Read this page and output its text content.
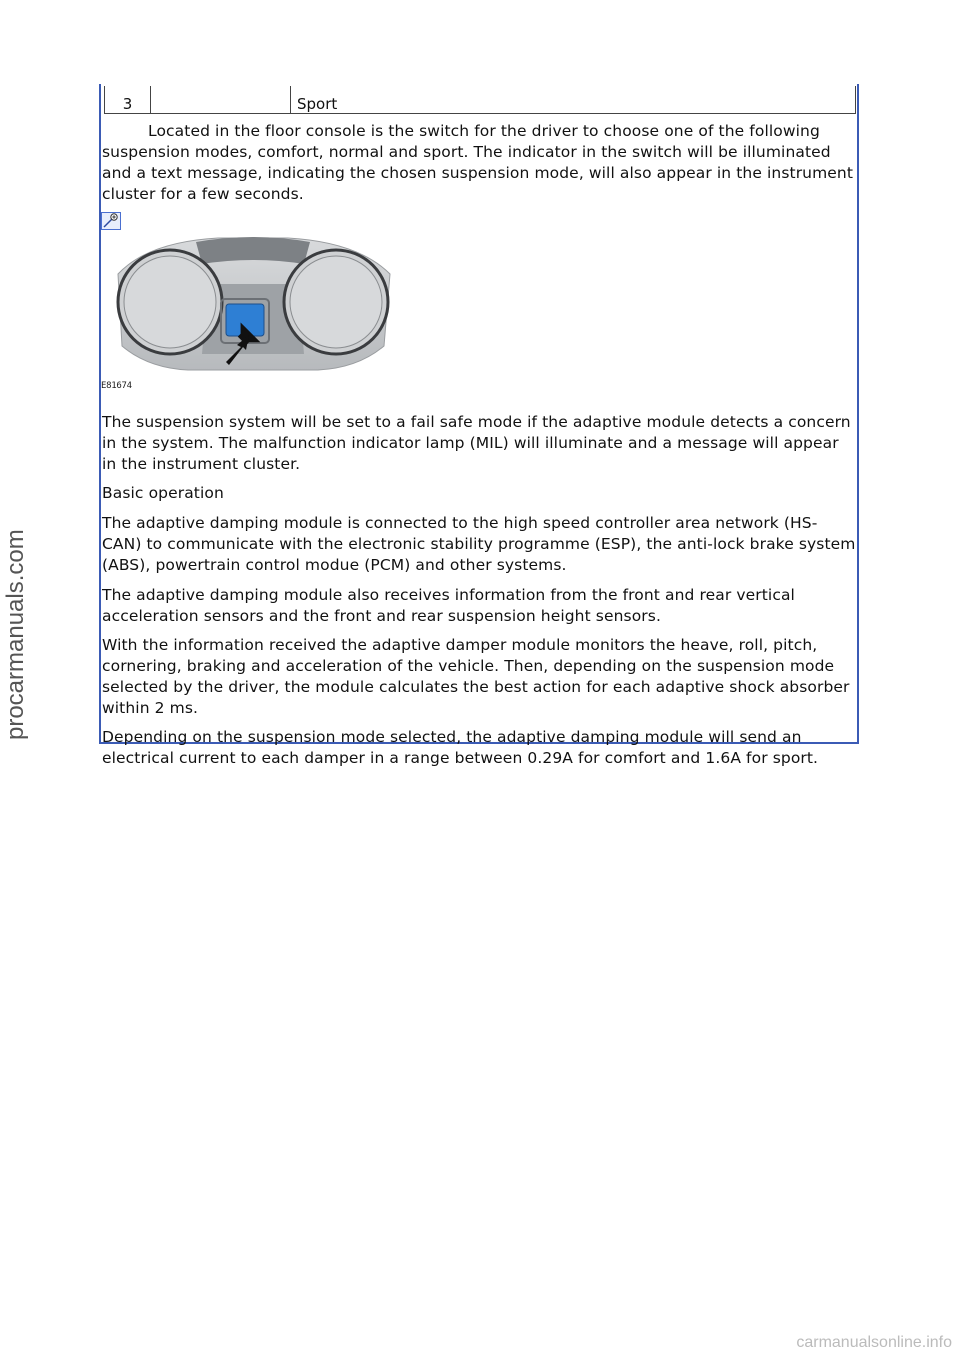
3	Sport

Located in the floor console is the switch for the driver to choose one of the following suspension modes, comfort, normal and sport. The indicator in the switch will be illuminated and a text message, indicating the chosen suspension mode, will also appear in the instrument cluster for a few seconds.

E81674

The suspension system will be set to a fail safe mode if the adaptive module detects a concern in the system. The malfunction indicator lamp (MIL) will illuminate and a message will appear in the instrument cluster.

Basic operation

The adaptive damping module is connected to the high speed controller area network (HS-CAN) to communicate with the electronic stability programme (ESP), the anti-lock brake system (ABS), powertrain control modue (PCM) and other systems.

The adaptive damping module also receives information from the front and rear vertical acceleration sensors and the front and rear suspension height sensors.

With the information received the adaptive damper module monitors the heave, roll, pitch, cornering, braking and acceleration of the vehicle. Then, depending on the suspension mode selected by the driver, the module calculates the best action for each adaptive shock absorber within 2 ms.

Depending on the suspension mode selected, the adaptive damping module will send an electrical current to each damper in a range between 0.29A for comfort and 1.6A for sport.

procarmanuals.com
carmanualsonline.info
